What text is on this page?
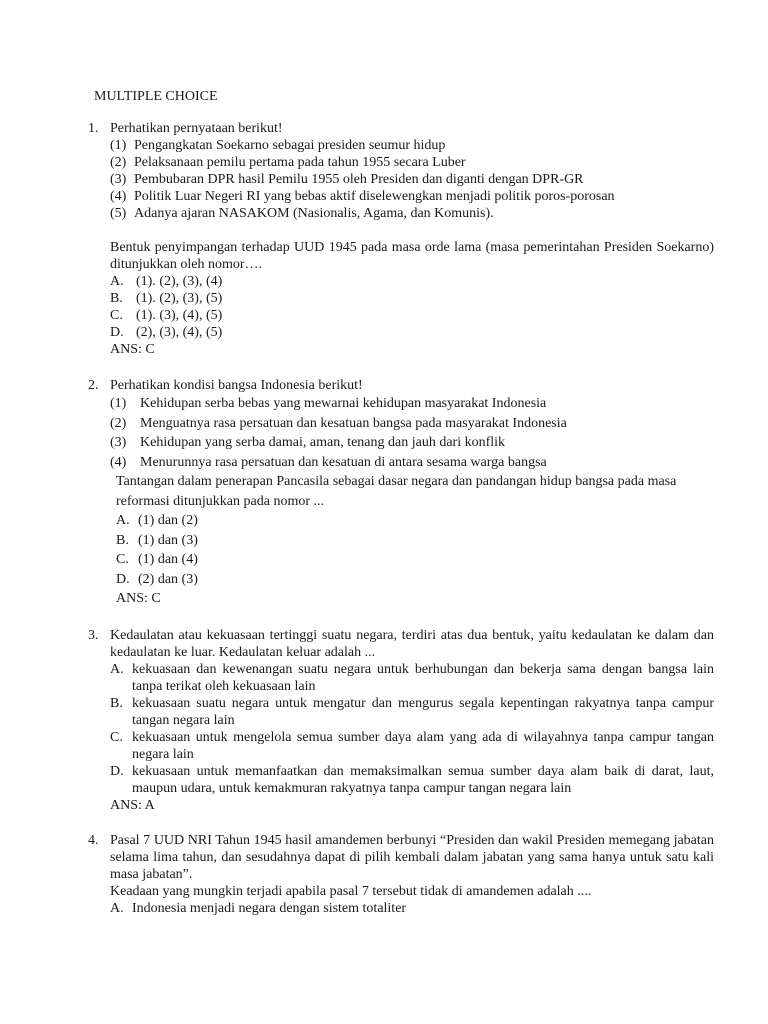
MULTIPLE CHOICE
1. Perhatikan pernyataan berikut!
(1) Pengangkatan Soekarno sebagai presiden seumur hidup
(2) Pelaksanaan pemilu pertama pada tahun 1955 secara Luber
(3) Pembubaran DPR hasil Pemilu 1955 oleh Presiden dan diganti dengan DPR-GR
(4) Politik Luar Negeri RI yang bebas aktif diselewengkan menjadi politik poros-porosan
(5) Adanya ajaran NASAKOM (Nasionalis, Agama, dan Komunis).
Bentuk penyimpangan terhadap UUD 1945 pada masa orde lama (masa pemerintahan Presiden Soekarno) ditunjukkan oleh nomor….
A. (1). (2), (3), (4)
B. (1). (2), (3), (5)
C. (1). (3), (4), (5)
D. (2), (3), (4), (5)
ANS: C
2. Perhatikan kondisi bangsa Indonesia berikut!
(1) Kehidupan serba bebas yang mewarnai kehidupan masyarakat Indonesia
(2) Menguatnya rasa persatuan dan kesatuan bangsa pada masyarakat Indonesia
(3) Kehidupan yang serba damai, aman, tenang dan jauh dari konflik
(4) Menurunnya rasa persatuan dan kesatuan di antara sesama warga bangsa
Tantangan dalam penerapan Pancasila sebagai dasar negara dan pandangan hidup bangsa pada masa reformasi ditunjukkan pada nomor ...
A. (1) dan (2)
B. (1) dan (3)
C. (1) dan (4)
D. (2) dan (3)
ANS: C
3. Kedaulatan atau kekuasaan tertinggi suatu negara, terdiri atas dua bentuk, yaitu kedaulatan ke dalam dan kedaulatan ke luar. Kedaulatan keluar adalah ...
A. kekuasaan dan kewenangan suatu negara untuk berhubungan dan bekerja sama dengan bangsa lain tanpa terikat oleh kekuasaan lain
B. kekuasaan suatu negara untuk mengatur dan mengurus segala kepentingan rakyatnya tanpa campur tangan negara lain
C. kekuasaan untuk mengelola semua sumber daya alam yang ada di wilayahnya tanpa campur tangan negara lain
D. kekuasaan untuk memanfaatkan dan memaksimalkan semua sumber daya alam baik di darat, laut, maupun udara, untuk kemakmuran rakyatnya tanpa campur tangan negara lain
ANS: A
4. Pasal 7 UUD NRI Tahun 1945 hasil amandemen berbunyi “Presiden dan wakil Presiden memegang jabatan selama lima tahun, dan sesudahnya dapat di pilih kembali dalam jabatan yang sama hanya untuk satu kali masa jabatan”.
Keadaan yang mungkin terjadi apabila pasal 7 tersebut tidak di amandemen adalah ....
A. Indonesia menjadi negara dengan sistem totaliter
